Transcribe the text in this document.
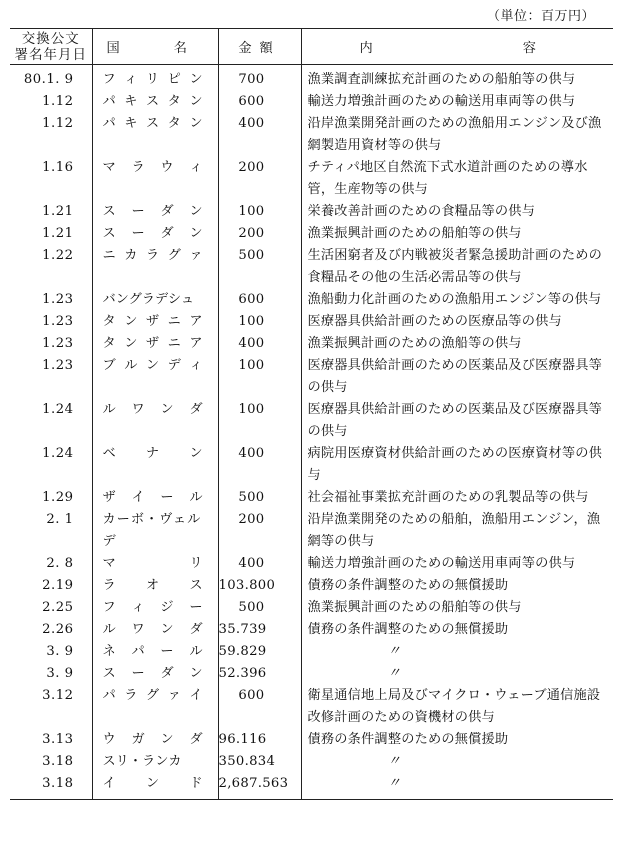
（単位：百万円）
交換公文
署名年月日	国 名	金額	内 容
80.1. 9	フ ィ リ ピ ン	700	漁業調査訓練拡充計画のための船舶等の供与
1.12	パ キ ス タ ン	600	輸送力増強計画のための輸送用車両等の供与
1.12	パ キ ス タ ン	400	沿岸漁業開発計画のための漁船用エンジン及び漁網製造用資材等の供与
1.16	マ ラ ウ ィ	200	チティパ地区自然流下式水道計画のための導水管，生産物等の供与
1.21	ス ー ダ ン	100	栄養改善計画のための食糧品等の供与
1.21	ス ー ダ ン	200	漁業振興計画のための船舶等の供与
1.22	ニ カ ラ グ ァ	500	生活困窮者及び内戦被災者緊急援助計画のための食糧品その他の生活必需品等の供与
1.23	バングラデシュ	600	漁船動力化計画のための漁船用エンジン等の供与
1.23	タ ン ザ ニ ア	100	医療器具供給計画のための医療品等の供与
1.23	タ ン ザ ニ ア	400	漁業振興計画のための漁船等の供与
1.23	ブ ル ン デ ィ	100	医療器具供給計画のための医薬品及び医療器具等の供与
1.24	ル ワ ン ダ	100	医療器具供給計画のための医薬品及び医療器具等の供与
1.24	ベ ナ ン	400	病院用医療資材供給計画のための医療資材等の供与
1.29	ザ イ ー ル	500	社会福祉事業拡充計画のための乳製品等の供与
2. 1	カーボ・ヴェルデ	200	沿岸漁業開発のための船舶，漁船用エンジン，漁網等の供与
2. 8	マ リ	400	輸送力増強計画のための輸送用車両等の供与
2.19	ラ オ ス	103.800	債務の条件調整のための無償援助
2.25	フ ィ ジ ー	500	漁業振興計画のための船舶等の供与
2.26	ル ワ ン ダ	35.739	債務の条件調整のための無償援助
3. 9	ネ パ ー ル	59.829	〃
3. 9	ス ー ダ ン	52.396	〃
3.12	パ ラ グ ァ イ	600	衛星通信地上局及びマイクロ・ウェーブ通信施設改修計画のための資機材の供与
3.13	ウ ガ ン ダ	96.116	債務の条件調整のための無償援助
3.18	スリ・ランカ	350.834	〃
3.18	イ ン ド	2,687.563	〃
